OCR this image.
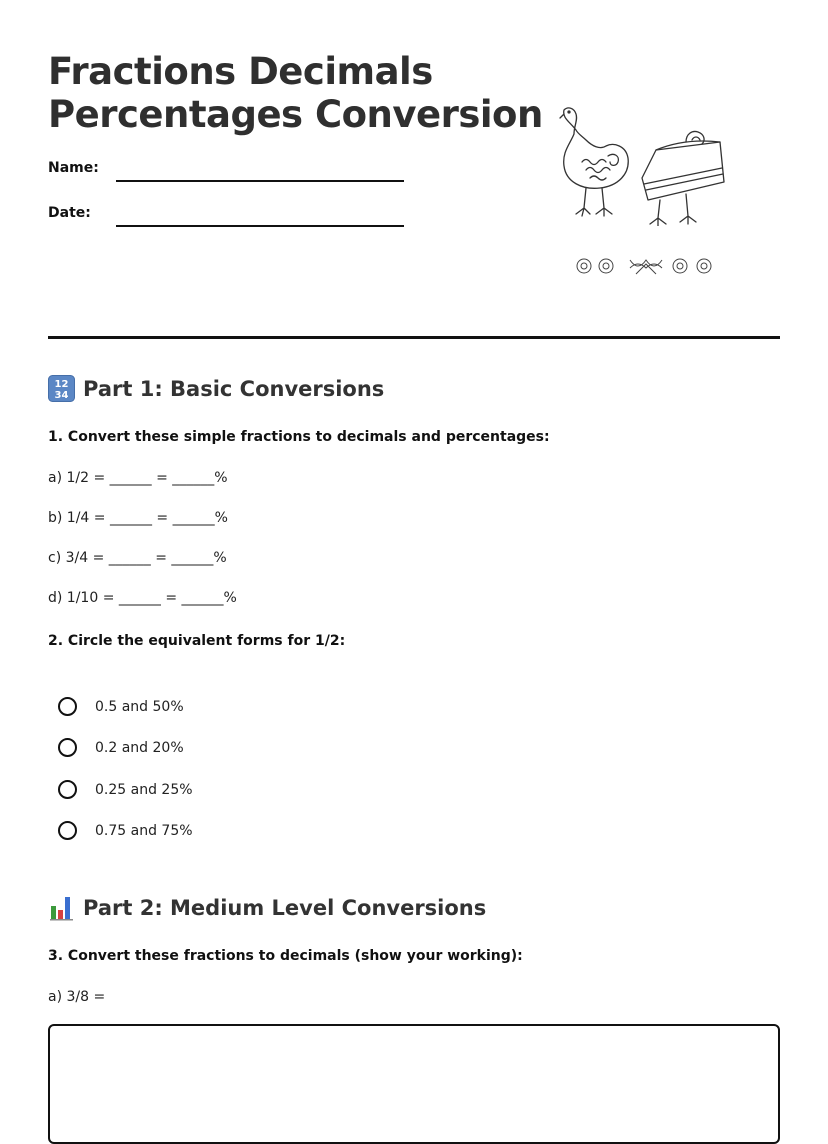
Fractions Decimals
Percentages Conversion
Name:
Date:
12
34 Part 1: Basic Conversions
1. Convert these simple fractions to decimals and percentages:
a) 1/2 = ______ = ______%
b) 1/4 = ______ = ______%
c) 3/4 = ______ = ______%
d) 1/10 = ______ = ______%
2. Circle the equivalent forms for 1/2:
0.5 and 50%
0.2 and 20%
0.25 and 25%
0.75 and 75%
Part 2: Medium Level Conversions
3. Convert these fractions to decimals (show your working):
a) 3/8 =
